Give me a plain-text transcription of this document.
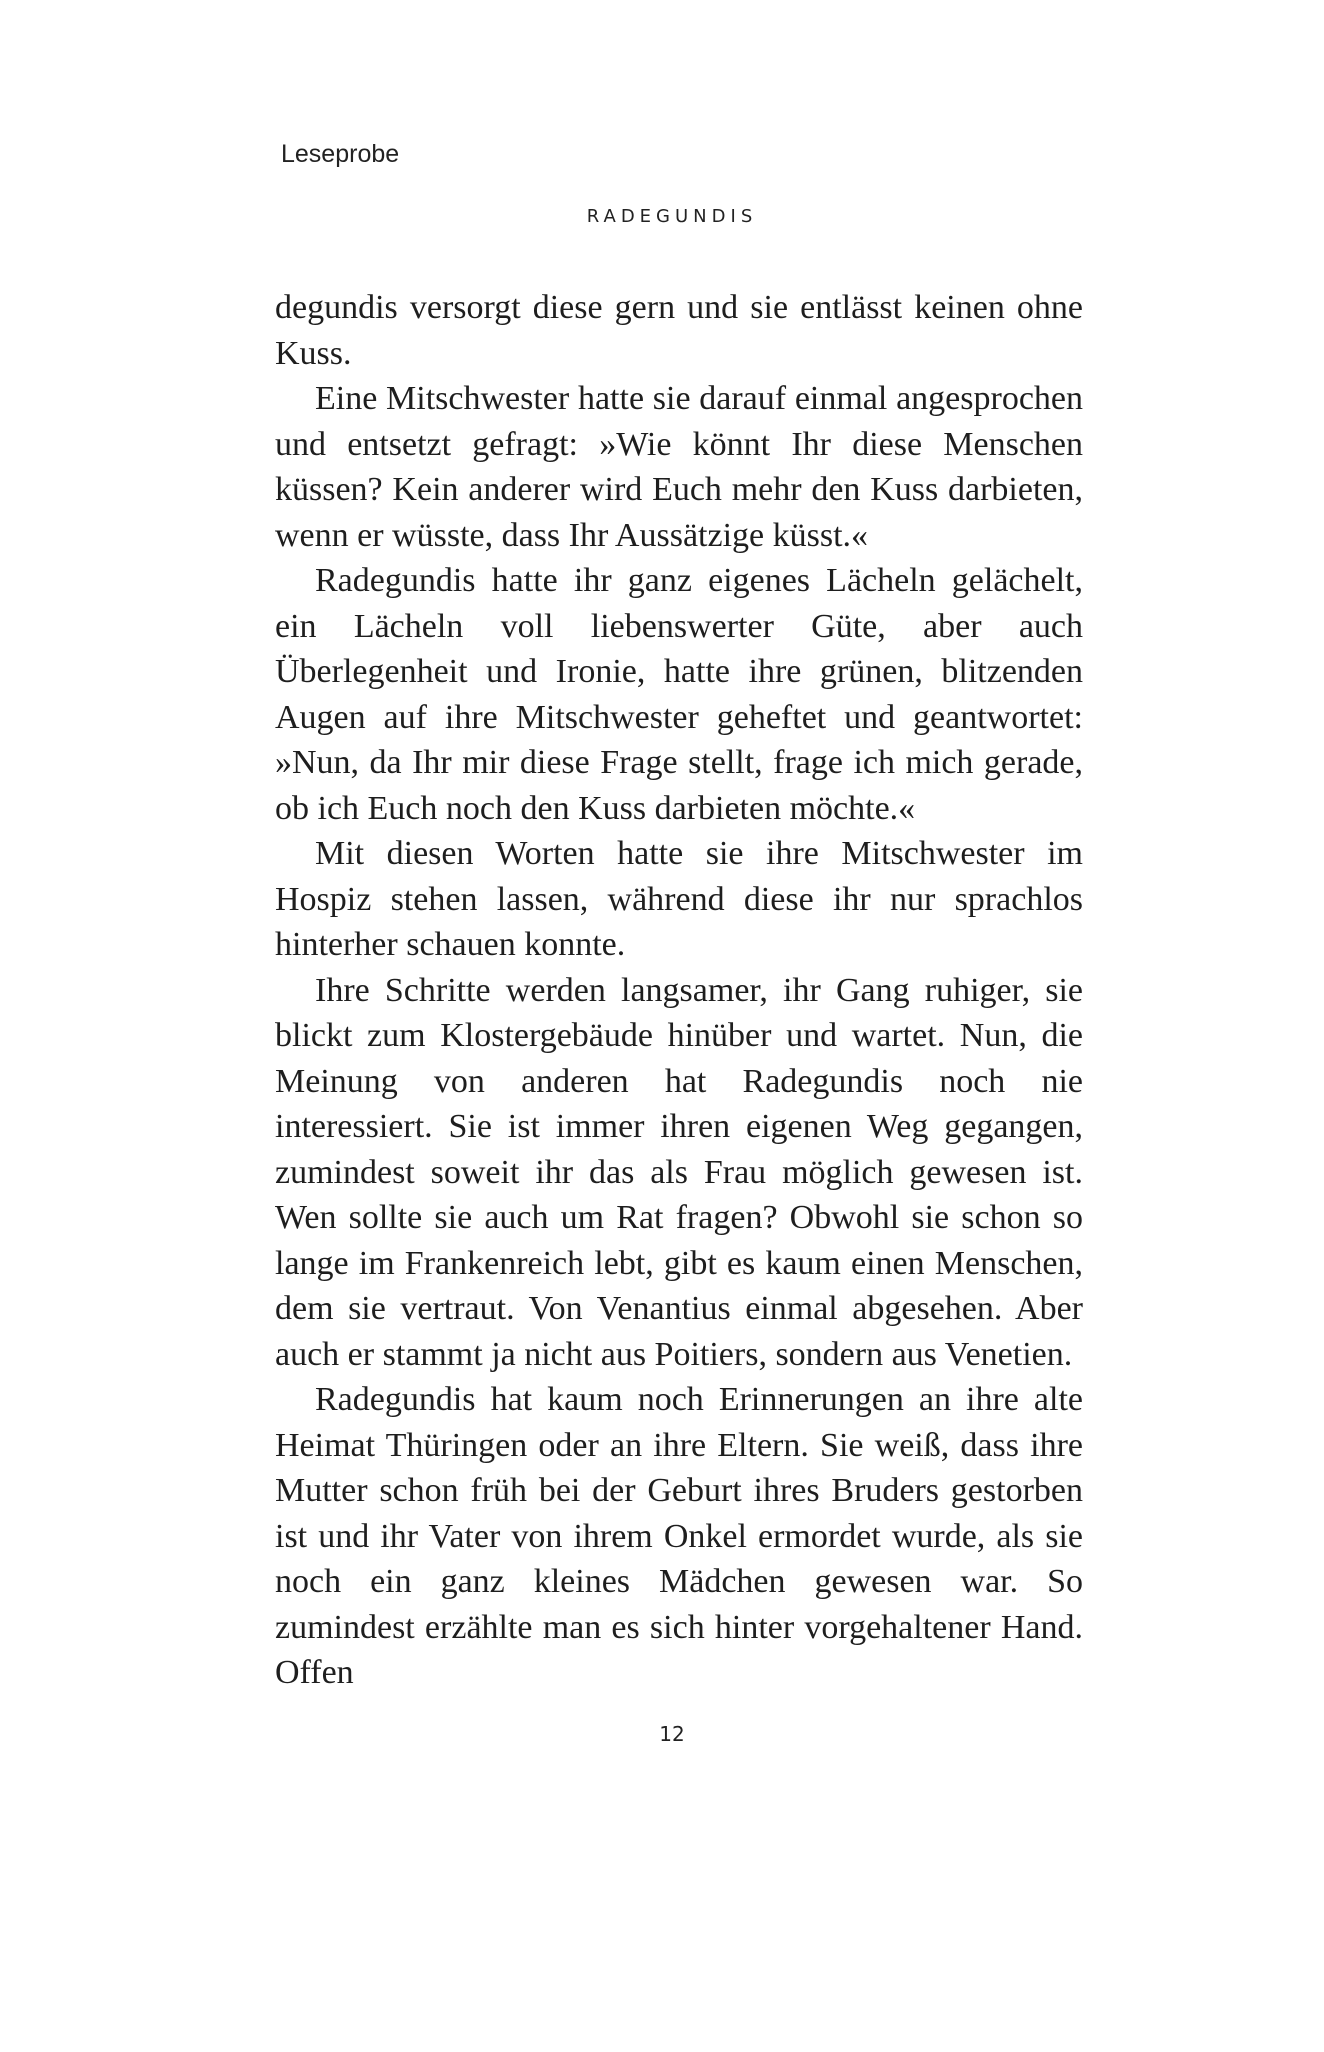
Leseprobe

RADEGUNDIS

degundis versorgt diese gern und sie entlässt keinen ohne Kuss.

Eine Mitschwester hatte sie darauf einmal angesprochen und entsetzt gefragt: »Wie könnt Ihr diese Menschen küssen? Kein anderer wird Euch mehr den Kuss darbieten, wenn er wüsste, dass Ihr Aussätzige küsst.«

Radegundis hatte ihr ganz eigenes Lächeln gelächelt, ein Lächeln voll liebenswerter Güte, aber auch Überlegenheit und Ironie, hatte ihre grünen, blitzenden Augen auf ihre Mitschwester geheftet und geantwortet: »Nun, da Ihr mir diese Frage stellt, frage ich mich gerade, ob ich Euch noch den Kuss darbieten möchte.«

Mit diesen Worten hatte sie ihre Mitschwester im Hospiz stehen lassen, während diese ihr nur sprachlos hinterher schauen konnte.

Ihre Schritte werden langsamer, ihr Gang ruhiger, sie blickt zum Klostergebäude hinüber und wartet. Nun, die Meinung von anderen hat Radegundis noch nie interessiert. Sie ist immer ihren eigenen Weg gegangen, zumindest soweit ihr das als Frau möglich gewesen ist. Wen sollte sie auch um Rat fragen? Obwohl sie schon so lange im Frankenreich lebt, gibt es kaum einen Menschen, dem sie vertraut. Von Venantius einmal abgesehen. Aber auch er stammt ja nicht aus Poitiers, sondern aus Venetien.

Radegundis hat kaum noch Erinnerungen an ihre alte Heimat Thüringen oder an ihre Eltern. Sie weiß, dass ihre Mutter schon früh bei der Geburt ihres Bruders gestorben ist und ihr Vater von ihrem Onkel ermordet wurde, als sie noch ein ganz kleines Mädchen gewesen war. So zumindest erzählte man es sich hinter vorgehaltener Hand. Offen

12
